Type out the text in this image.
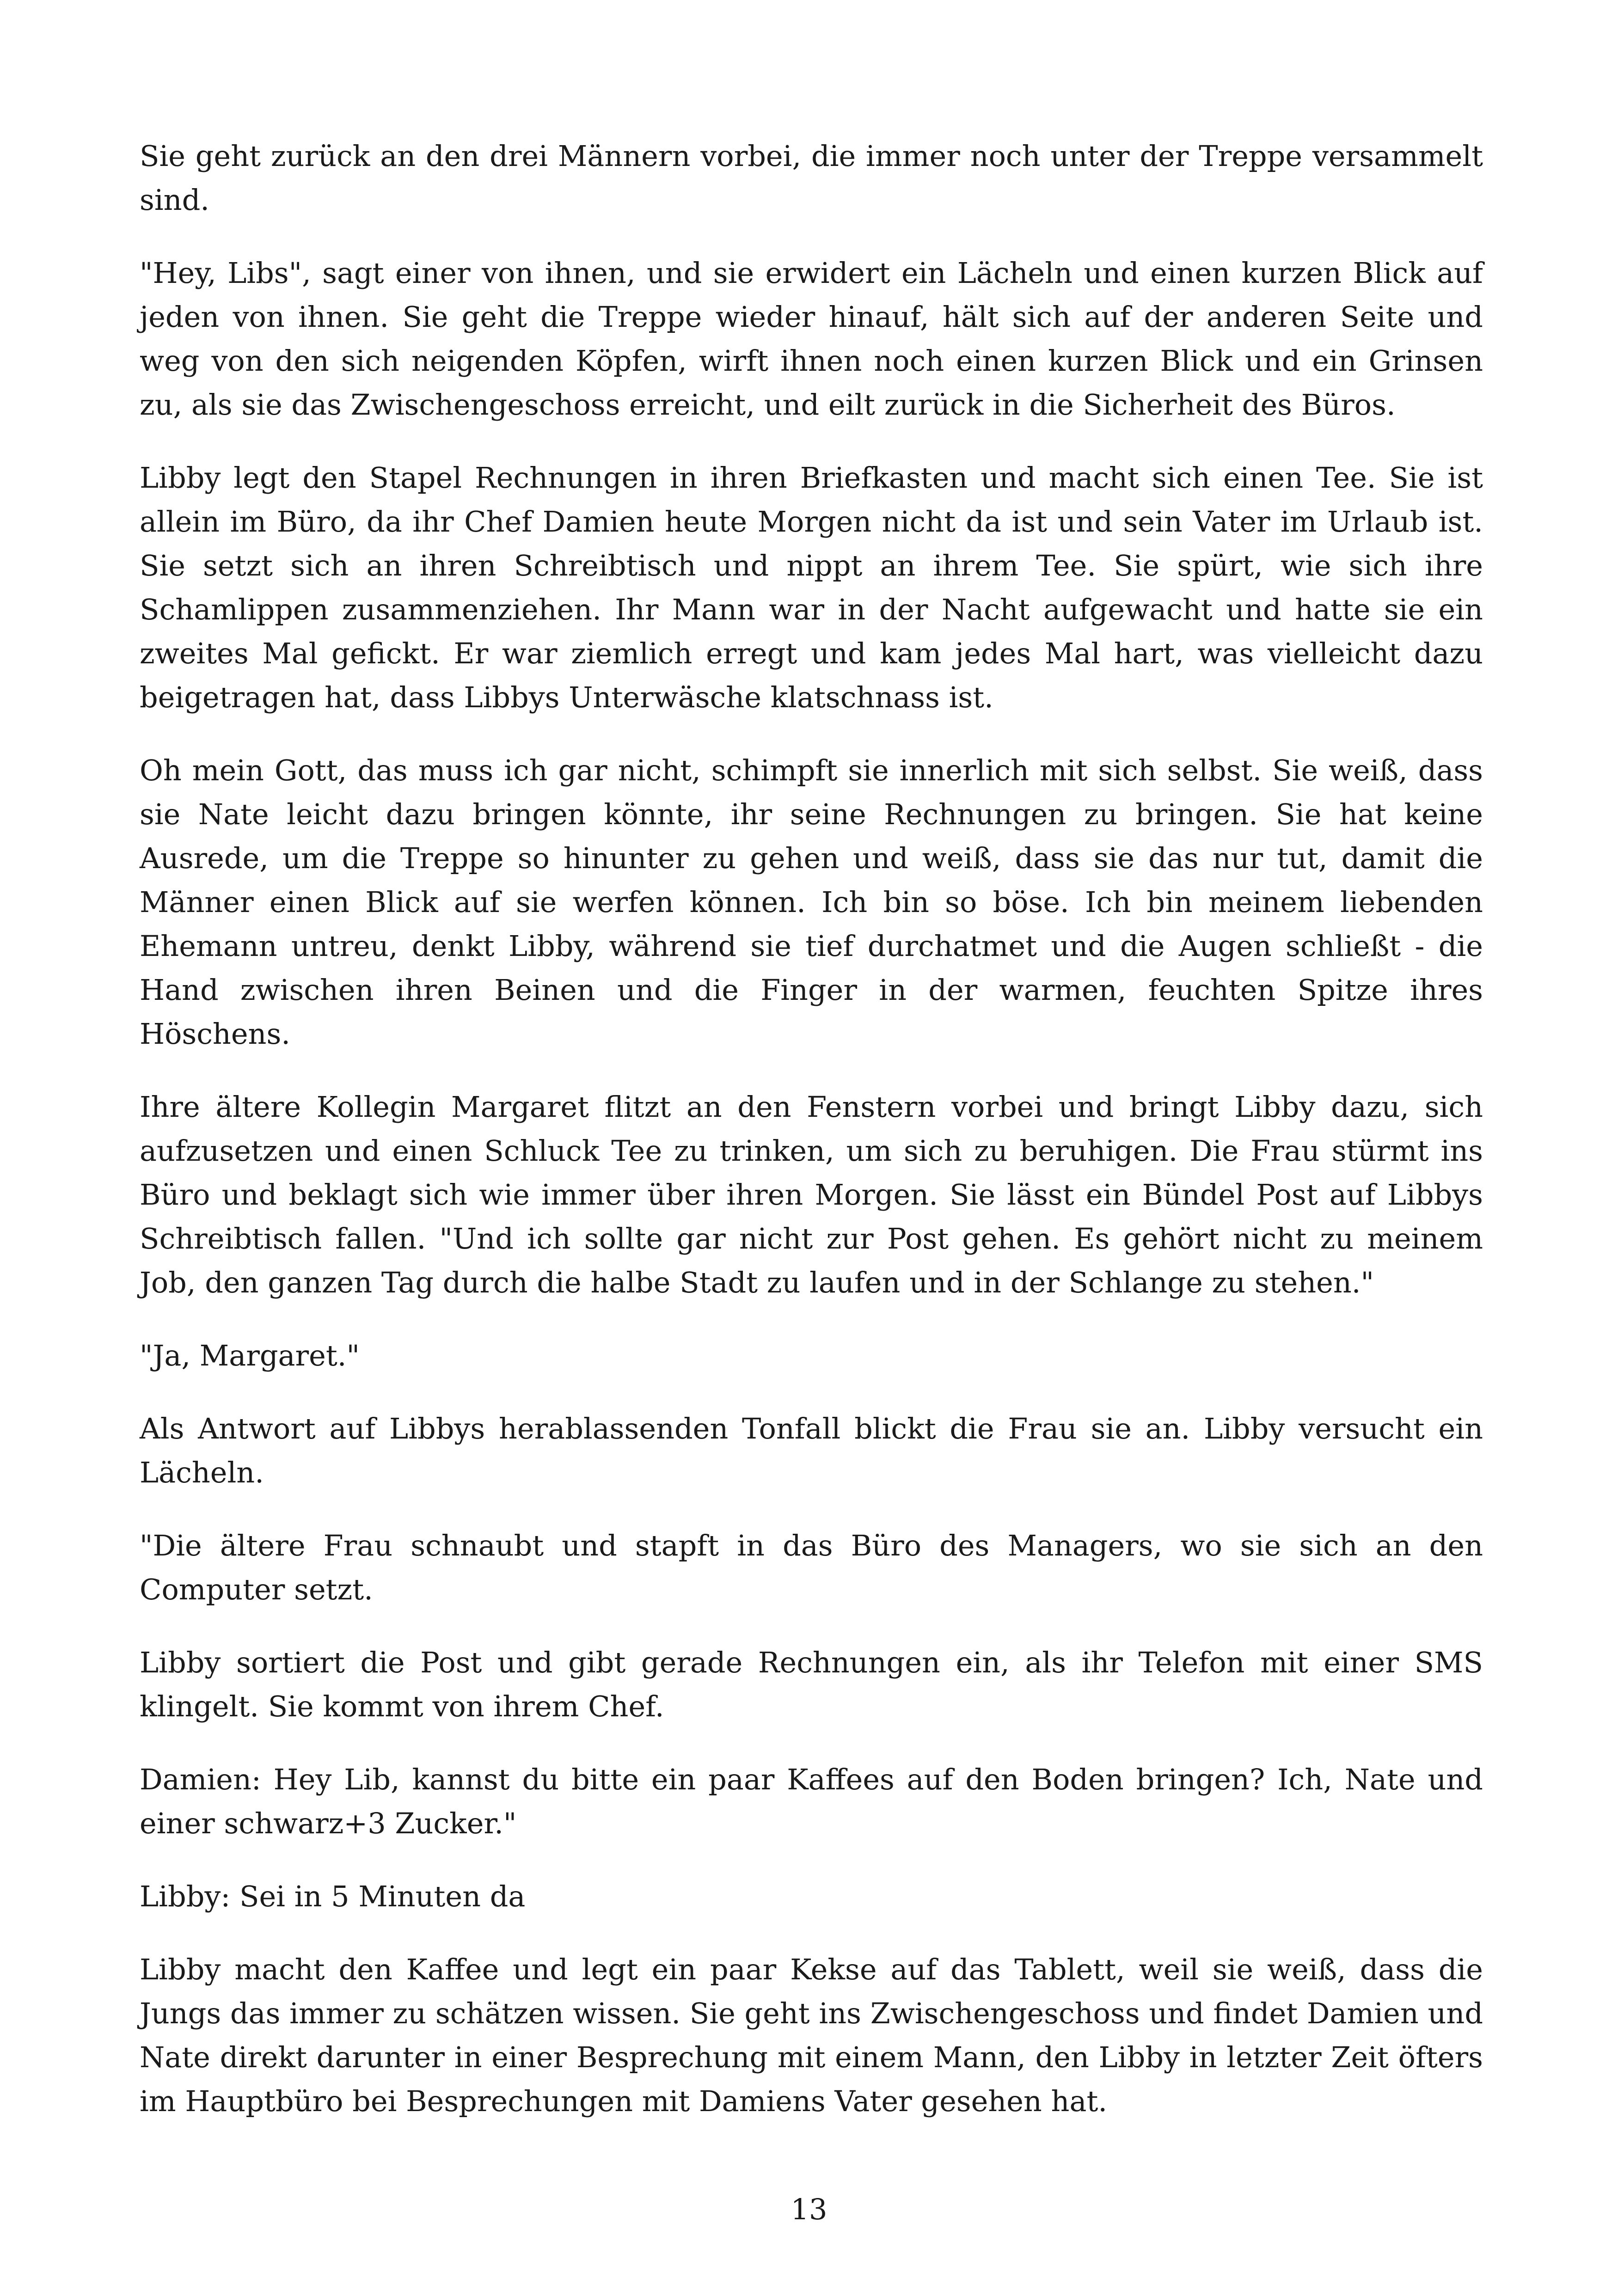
Sie geht zurück an den drei Männern vorbei, die immer noch unter der Treppe versammelt sind.

"Hey, Libs", sagt einer von ihnen, und sie erwidert ein Lächeln und einen kurzen Blick auf jeden von ihnen. Sie geht die Treppe wieder hinauf, hält sich auf der anderen Seite und weg von den sich neigenden Köpfen, wirft ihnen noch einen kurzen Blick und ein Grinsen zu, als sie das Zwischengeschoss erreicht, und eilt zurück in die Sicherheit des Büros.

Libby legt den Stapel Rechnungen in ihren Briefkasten und macht sich einen Tee. Sie ist allein im Büro, da ihr Chef Damien heute Morgen nicht da ist und sein Vater im Urlaub ist. Sie setzt sich an ihren Schreibtisch und nippt an ihrem Tee. Sie spürt, wie sich ihre Schamlippen zusammenziehen. Ihr Mann war in der Nacht aufgewacht und hatte sie ein zweites Mal gefickt. Er war ziemlich erregt und kam jedes Mal hart, was vielleicht dazu beigetragen hat, dass Libbys Unterwäsche klatschnass ist.

Oh mein Gott, das muss ich gar nicht, schimpft sie innerlich mit sich selbst. Sie weiß, dass sie Nate leicht dazu bringen könnte, ihr seine Rechnungen zu bringen. Sie hat keine Ausrede, um die Treppe so hinunter zu gehen und weiß, dass sie das nur tut, damit die Männer einen Blick auf sie werfen können. Ich bin so böse. Ich bin meinem liebenden Ehemann untreu, denkt Libby, während sie tief durchatmet und die Augen schließt - die Hand zwischen ihren Beinen und die Finger in der warmen, feuchten Spitze ihres Höschens.

Ihre ältere Kollegin Margaret flitzt an den Fenstern vorbei und bringt Libby dazu, sich aufzusetzen und einen Schluck Tee zu trinken, um sich zu beruhigen. Die Frau stürmt ins Büro und beklagt sich wie immer über ihren Morgen. Sie lässt ein Bündel Post auf Libbys Schreibtisch fallen. "Und ich sollte gar nicht zur Post gehen. Es gehört nicht zu meinem Job, den ganzen Tag durch die halbe Stadt zu laufen und in der Schlange zu stehen."

"Ja, Margaret."

Als Antwort auf Libbys herablassenden Tonfall blickt die Frau sie an. Libby versucht ein Lächeln.

"Die ältere Frau schnaubt und stapft in das Büro des Managers, wo sie sich an den Computer setzt.

Libby sortiert die Post und gibt gerade Rechnungen ein, als ihr Telefon mit einer SMS klingelt. Sie kommt von ihrem Chef.

Damien: Hey Lib, kannst du bitte ein paar Kaffees auf den Boden bringen? Ich, Nate und einer schwarz+3 Zucker."

Libby: Sei in 5 Minuten da

Libby macht den Kaffee und legt ein paar Kekse auf das Tablett, weil sie weiß, dass die Jungs das immer zu schätzen wissen. Sie geht ins Zwischengeschoss und findet Damien und Nate direkt darunter in einer Besprechung mit einem Mann, den Libby in letzter Zeit öfters im Hauptbüro bei Besprechungen mit Damiens Vater gesehen hat.

13
